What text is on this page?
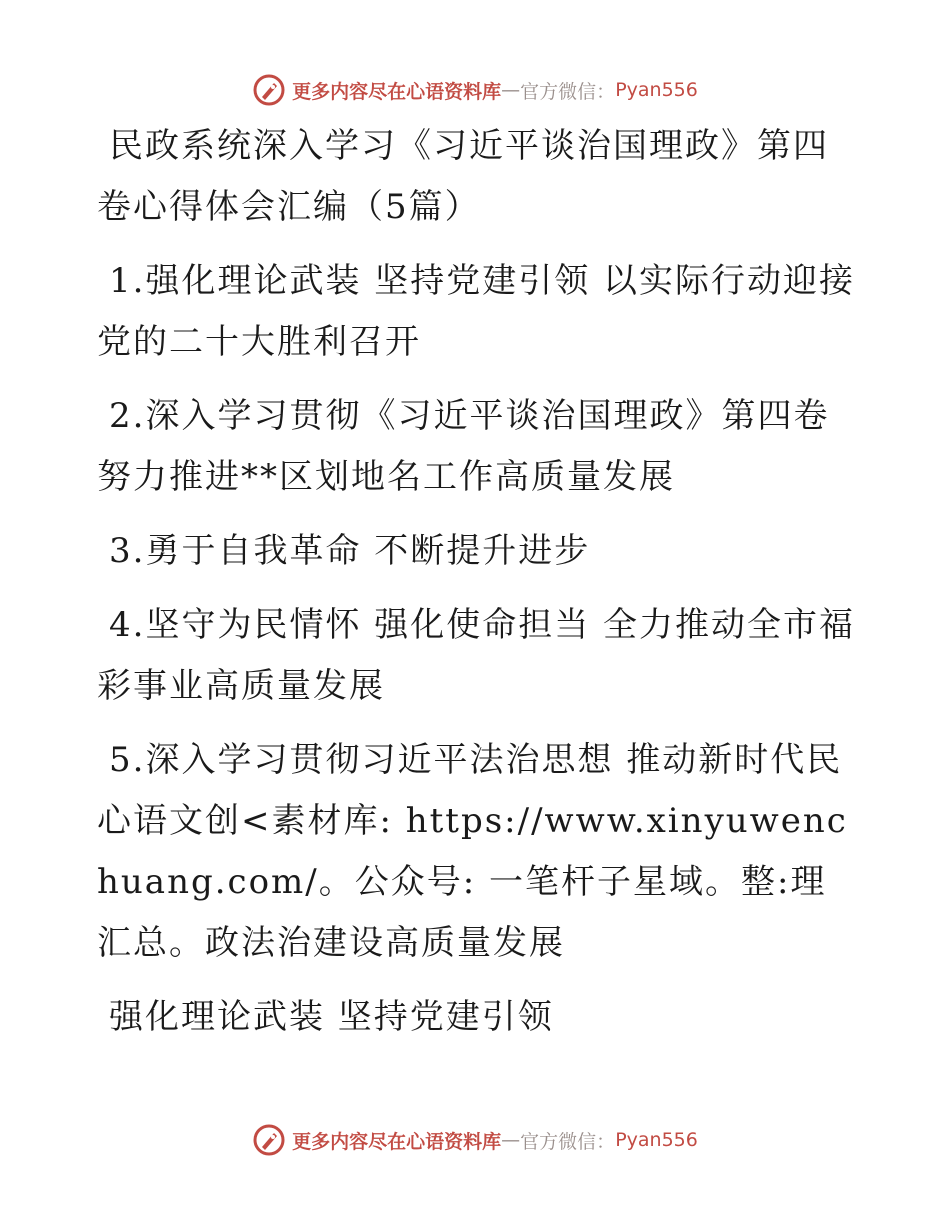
更多内容尽在心语资料库 — 官方微信： Pyan556

民政系统深入学习《习近平谈治国理政》第四卷心得体会汇编（5篇）

1.强化理论武装 坚持党建引领 以实际行动迎接党的二十大胜利召开

2.深入学习贯彻《习近平谈治国理政》第四卷 努力推进**区划地名工作高质量发展

3.勇于自我革命 不断提升进步

4.坚守为民情怀 强化使命担当 全力推动全市福彩事业高质量发展

5.深入学习贯彻习近平法治思想 推动新时代民心语文创<素材库: https://www.xinyuwenchuang.com/。公众号: 一笔杆子星域。整:理汇总。政法治建设高质量发展

强化理论武装 坚持党建引领

更多内容尽在心语资料库 — 官方微信： Pyan556
